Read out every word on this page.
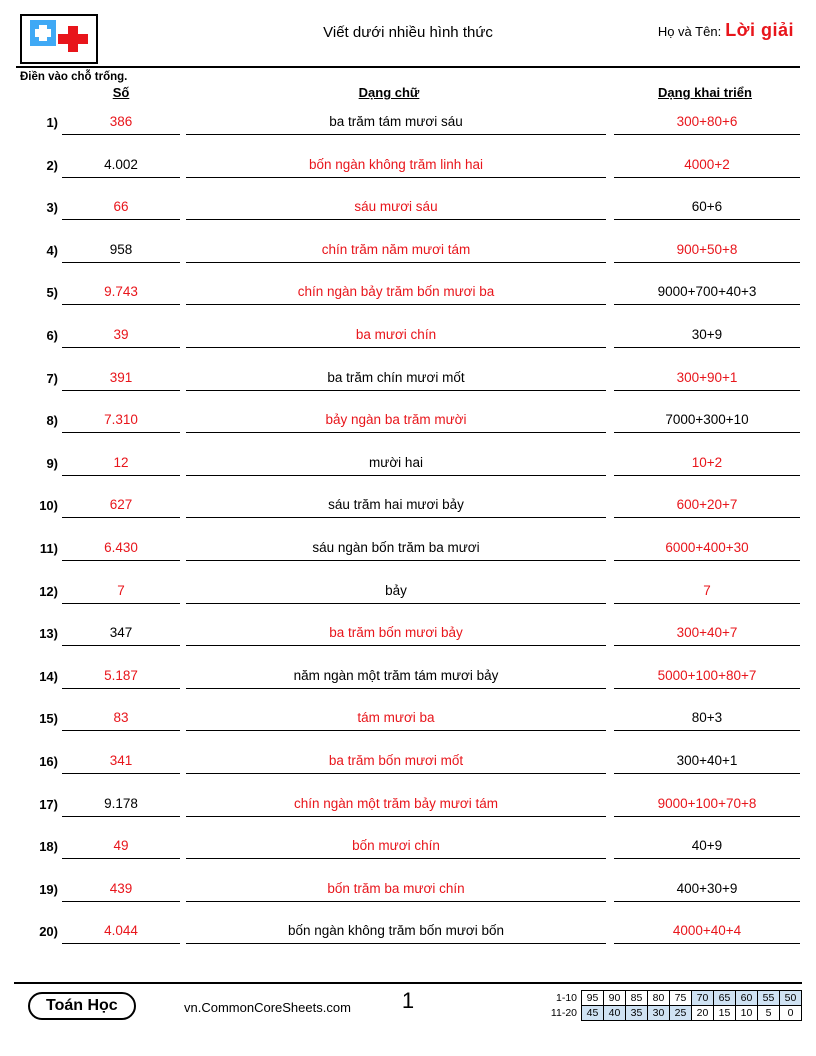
Viết dưới nhiều hình thức	Họ và Tên: Lời giải
Điền vào chỗ trống.
Số	Dạng chữ	Dạng khai triển
1)	386	ba trăm tám mươi sáu	300+80+6
2)	4.002	bốn ngàn không trăm linh hai	4000+2
3)	66	sáu mươi sáu	60+6
4)	958	chín trăm năm mươi tám	900+50+8
5)	9.743	chín ngàn bảy trăm bốn mươi ba	9000+700+40+3
6)	39	ba mươi chín	30+9
7)	391	ba trăm chín mươi mốt	300+90+1
8)	7.310	bảy ngàn ba trăm mười	7000+300+10
9)	12	mười hai	10+2
10)	627	sáu trăm hai mươi bảy	600+20+7
11)	6.430	sáu ngàn bốn trăm ba mươi	6000+400+30
12)	7	bảy	7
13)	347	ba trăm bốn mươi bảy	300+40+7
14)	5.187	năm ngàn một trăm tám mươi bảy	5000+100+80+7
15)	83	tám mươi ba	80+3
16)	341	ba trăm bốn mươi mốt	300+40+1
17)	9.178	chín ngàn một trăm bảy mươi tám	9000+100+70+8
18)	49	bốn mươi chín	40+9
19)	439	bốn trăm ba mươi chín	400+30+9
20)	4.044	bốn ngàn không trăm bốn mươi bốn	4000+40+4
Toán Học	vn.CommonCoreSheets.com	1	1-10	95	90	85	80	75	70	65	60	55	50
11-20	45	40	35	30	25	20	15	10	5	0
